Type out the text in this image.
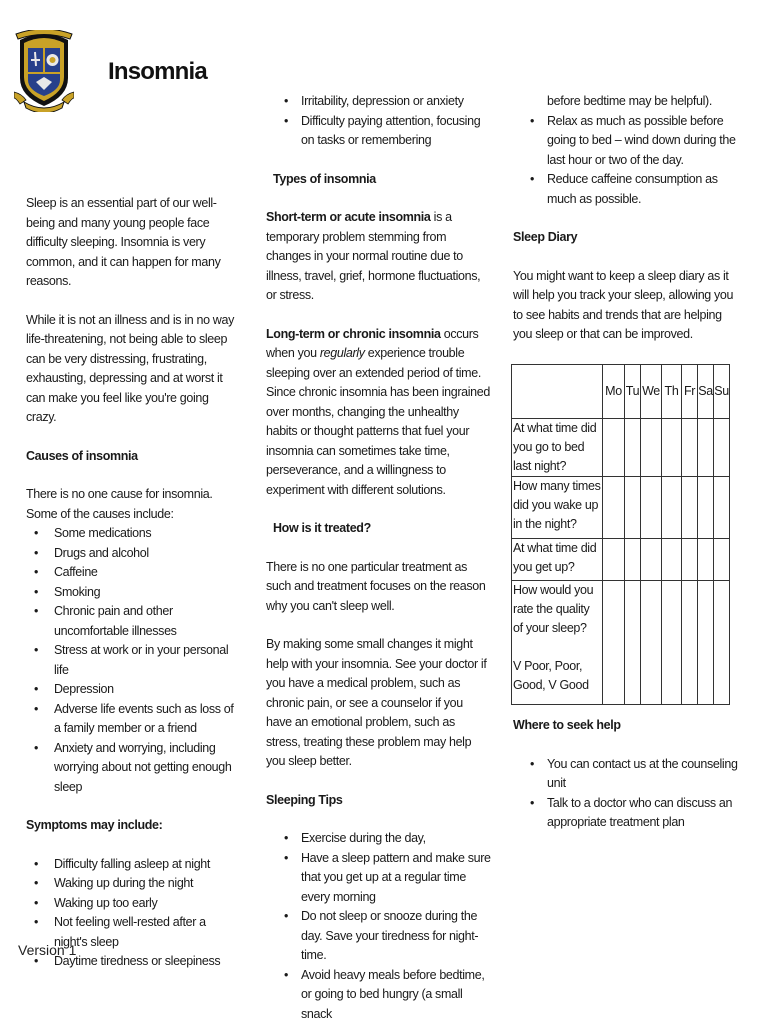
Insomnia

Sleep is an essential part of our well-being and many young people face difficulty sleeping. Insomnia is very common, and it can happen for many reasons.

While it is not an illness and is in no way life-threatening, not being able to sleep can be very distressing, frustrating, exhausting, depressing and at worst it can make you feel like you're going crazy.

Causes of insomnia

There is no one cause for insomnia. Some of the causes include:

• Some medications
• Drugs and alcohol
• Caffeine
• Smoking
• Chronic pain and other uncomfortable illnesses
• Stress at work or in your personal life
• Depression
• Adverse life events such as loss of a family member or a friend
• Anxiety and worrying, including worrying about not getting enough sleep

Symptoms may include:

• Difficulty falling asleep at night
• Waking up during the night
• Waking up too early
• Not feeling well-rested after a night's sleep
• Daytime tiredness or sleepiness
• Irritability, depression or anxiety
• Difficulty paying attention, focusing on tasks or remembering

Types of insomnia

Short-term or acute insomnia is a temporary problem stemming from changes in your normal routine due to illness, travel, grief, hormone fluctuations, or stress.

Long-term or chronic insomnia occurs when you regularly experience trouble sleeping over an extended period of time. Since chronic insomnia has been ingrained over months, changing the unhealthy habits or thought patterns that fuel your insomnia can sometimes take time, perseverance, and a willingness to experiment with different solutions.

How is it treated?

There is no one particular treatment as such and treatment focuses on the reason why you can't sleep well.

By making some small changes it might help with your insomnia. See your doctor if you have a medical problem, such as chronic pain, or see a counselor if you have an emotional problem, such as stress, treating these problem may help you sleep better.

Sleeping Tips

• Exercise during the day,
• Have a sleep pattern and make sure that you get up at a regular time every morning
• Do not sleep or snooze during the day. Save your tiredness for night-time.
• Avoid heavy meals before bedtime, or going to bed hungry (a small snack
before bedtime may be helpful).
• Relax as much as possible before going to bed – wind down during the last hour or two of the day.
• Reduce caffeine consumption as much as possible.

Sleep Diary

You might want to keep a sleep diary as it will help you track your sleep, allowing you to see habits and trends that are helping you sleep or that can be improved.

	Mo	Tu	We	Th	Fr	Sa	Su
At what time did you go to bed last night?							
How many times did you wake up in the night?							
At what time did you get up?							
How would you rate the quality of your sleep?

V Poor, Poor, Good, V Good							

Where to seek help

• You can contact us at the counseling unit
• Talk to a doctor who can discuss an appropriate treatment plan
Version 1
